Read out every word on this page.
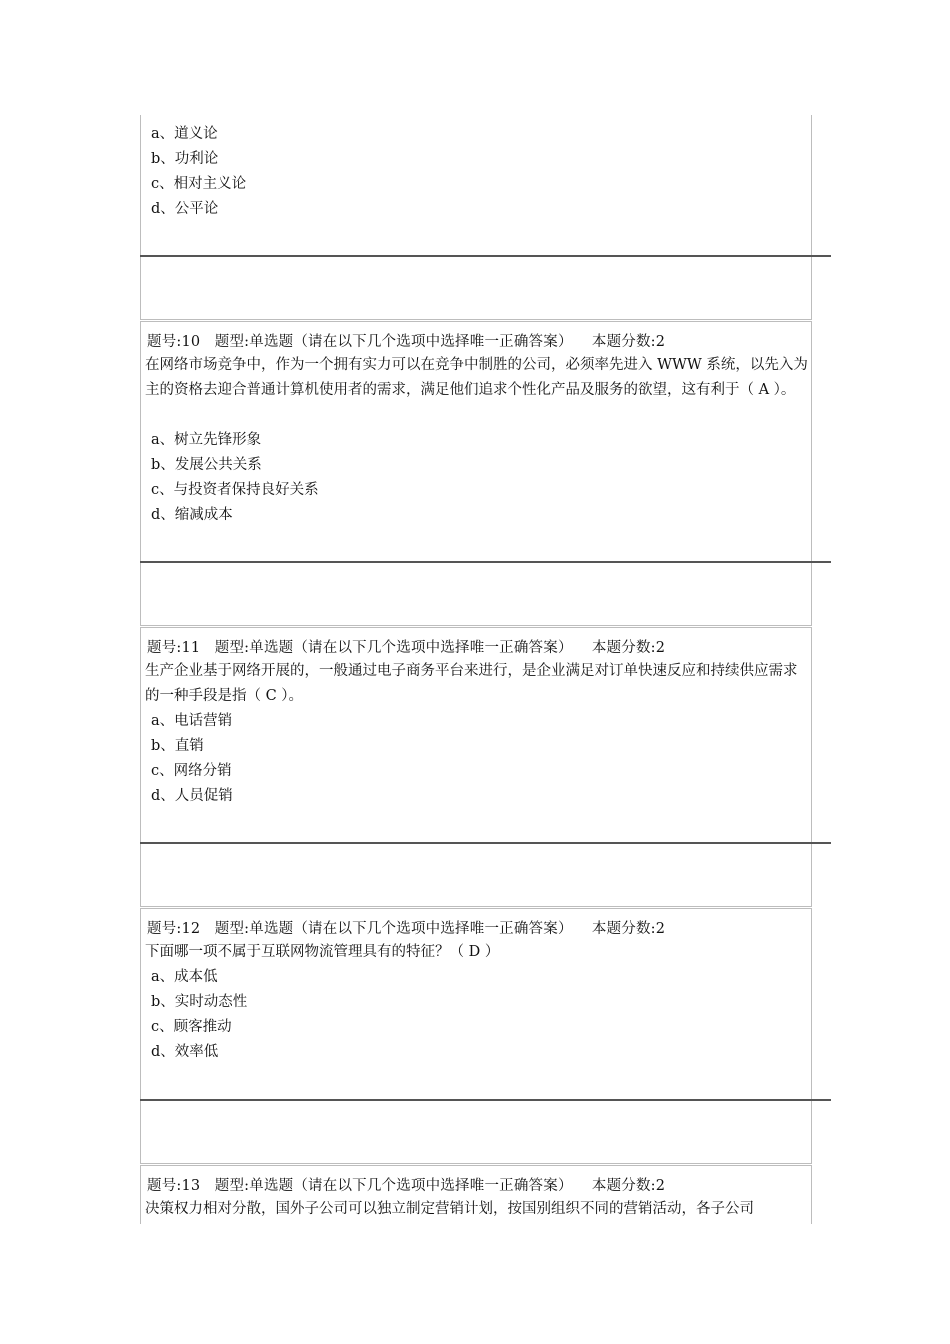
a、道义论
b、功利论
c、相对主义论
d、公平论
题号:10   题型:单选题（请在以下几个选项中选择唯一正确答案）    本题分数:2
在网络市场竞争中，作为一个拥有实力可以在竞争中制胜的公司，必须率先进入 WWW 系统，以先入为主的资格去迎合普通计算机使用者的需求，满足他们追求个性化产品及服务的欲望，这有利于（ A ）。
a、树立先锋形象
b、发展公共关系
c、与投资者保持良好关系
d、缩减成本
题号:11   题型:单选题（请在以下几个选项中选择唯一正确答案）    本题分数:2
生产企业基于网络开展的，一般通过电子商务平台来进行，是企业满足对订单快速反应和持续供应需求的一种手段是指（ C ）。
a、电话营销
b、直销
c、网络分销
d、人员促销
题号:12   题型:单选题（请在以下几个选项中选择唯一正确答案）    本题分数:2
下面哪一项不属于互联网物流管理具有的特征？（ D ）
a、成本低
b、实时动态性
c、顾客推动
d、效率低
题号:13   题型:单选题（请在以下几个选项中选择唯一正确答案）    本题分数:2
决策权力相对分散，国外子公司可以独立制定营销计划，按国别组织不同的营销活动，各子公司
